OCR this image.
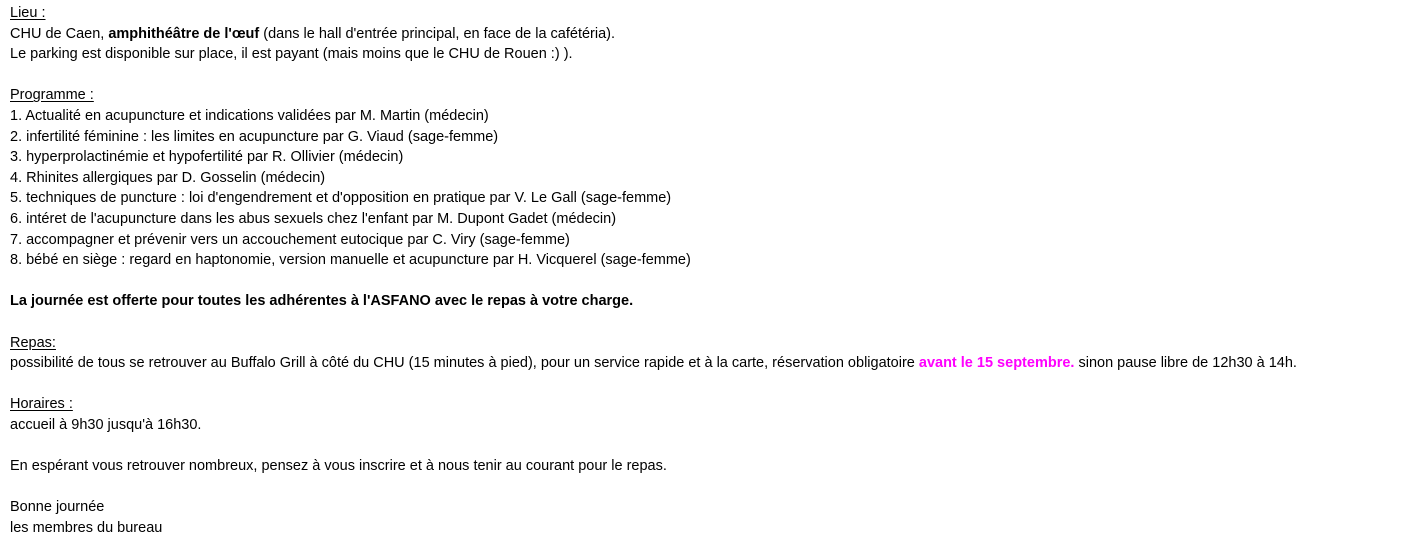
Lieu :
CHU de Caen, amphithéâtre de l'œuf (dans le hall d'entrée principal, en face de la cafétéria).
Le parking est disponible sur place, il est payant (mais moins que le CHU de Rouen :) ).
Programme :
1. Actualité en acupuncture et indications validées par M. Martin (médecin)
2. infertilité féminine : les limites en acupuncture par G. Viaud (sage-femme)
3. hyperprolactinémie et hypofertilité par R. Ollivier (médecin)
4. Rhinites allergiques par D. Gosselin (médecin)
5. techniques de puncture : loi d'engendrement et d'opposition en pratique par V. Le Gall (sage-femme)
6. intéret de l'acupuncture dans les abus sexuels chez l'enfant par M. Dupont Gadet (médecin)
7. accompagner et prévenir vers un accouchement eutocique par C. Viry (sage-femme)
8. bébé en siège : regard en haptonomie, version manuelle et acupuncture par H. Vicquerel (sage-femme)
La journée est offerte pour toutes les adhérentes à l'ASFANO avec le repas à votre charge.
Repas:
possibilité de tous se retrouver au Buffalo Grill à côté du CHU (15 minutes à pied), pour un service rapide et à la carte, réservation obligatoire avant le 15 septembre. sinon pause libre de 12h30 à 14h.
Horaires :
accueil à 9h30 jusqu'à 16h30.
En espérant vous retrouver nombreux, pensez à vous inscrire et à nous tenir au courant pour le repas.
Bonne journée
les membres du bureau
